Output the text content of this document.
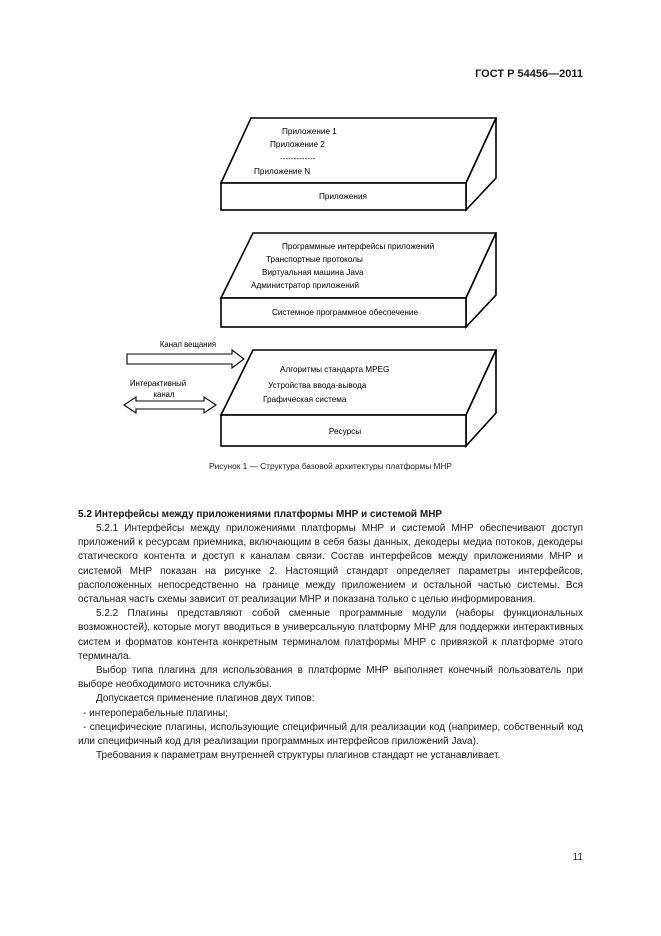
ГОСТ Р 54456—2011
Приложение 1
Приложение 2
-------------
Приложение N
Приложения
Программные интерфейсы приложений
Транспортные протоколы
Виртуальная машина Java
Администратор приложений
Системное программное обеспечение
Алгоритмы стандарта MPEG
Устройства ввода-вывода
Графическая система
Ресурсы
Канал вещания
Интерактивный
канал
Рисунок 1 — Структура базовой архитектуры платформы МНР
5.2 Интерфейсы между приложениями платформы МНР и системой МНР

5.2.1 Интерфейсы между приложениями платформы МНР и системой МНР обеспечивают доступ приложений к ресурсам приемника, включающим в себя базы данных, декодеры медиа потоков, декодеры статического контента и доступ к каналам связи. Состав интерфейсов между приложениями МНР и системой МНР показан на рисунке 2. Настоящий стандарт определяет параметры интерфейсов, расположенных непосредственно на границе между приложением и остальной частью системы. Вся остальная часть схемы зависит от реализации МНР и показана только с целью информирования.

5.2.2 Плагины представляют собой сменные программные модули (наборы функциональных возможностей), которые могут вводиться в универсальную платформу МНР для поддержки интерактивных систем и форматов контента конкретным терминалом платформы МНР с привязкой к платформе этого терминала.

Выбор типа плагина для использования в платформе МНР выполняет конечный пользователь при выборе необходимого источника службы.

Допускается применение плагинов двух типов:

- интероперабельные плагины;

- специфические плагины, использующие специфичный для реализации код (например, собственный код или специфичный код для реализации программных интерфейсов приложений Java).

Требования к параметрам внутренней структуры плагинов стандарт не устанавливает.

11
